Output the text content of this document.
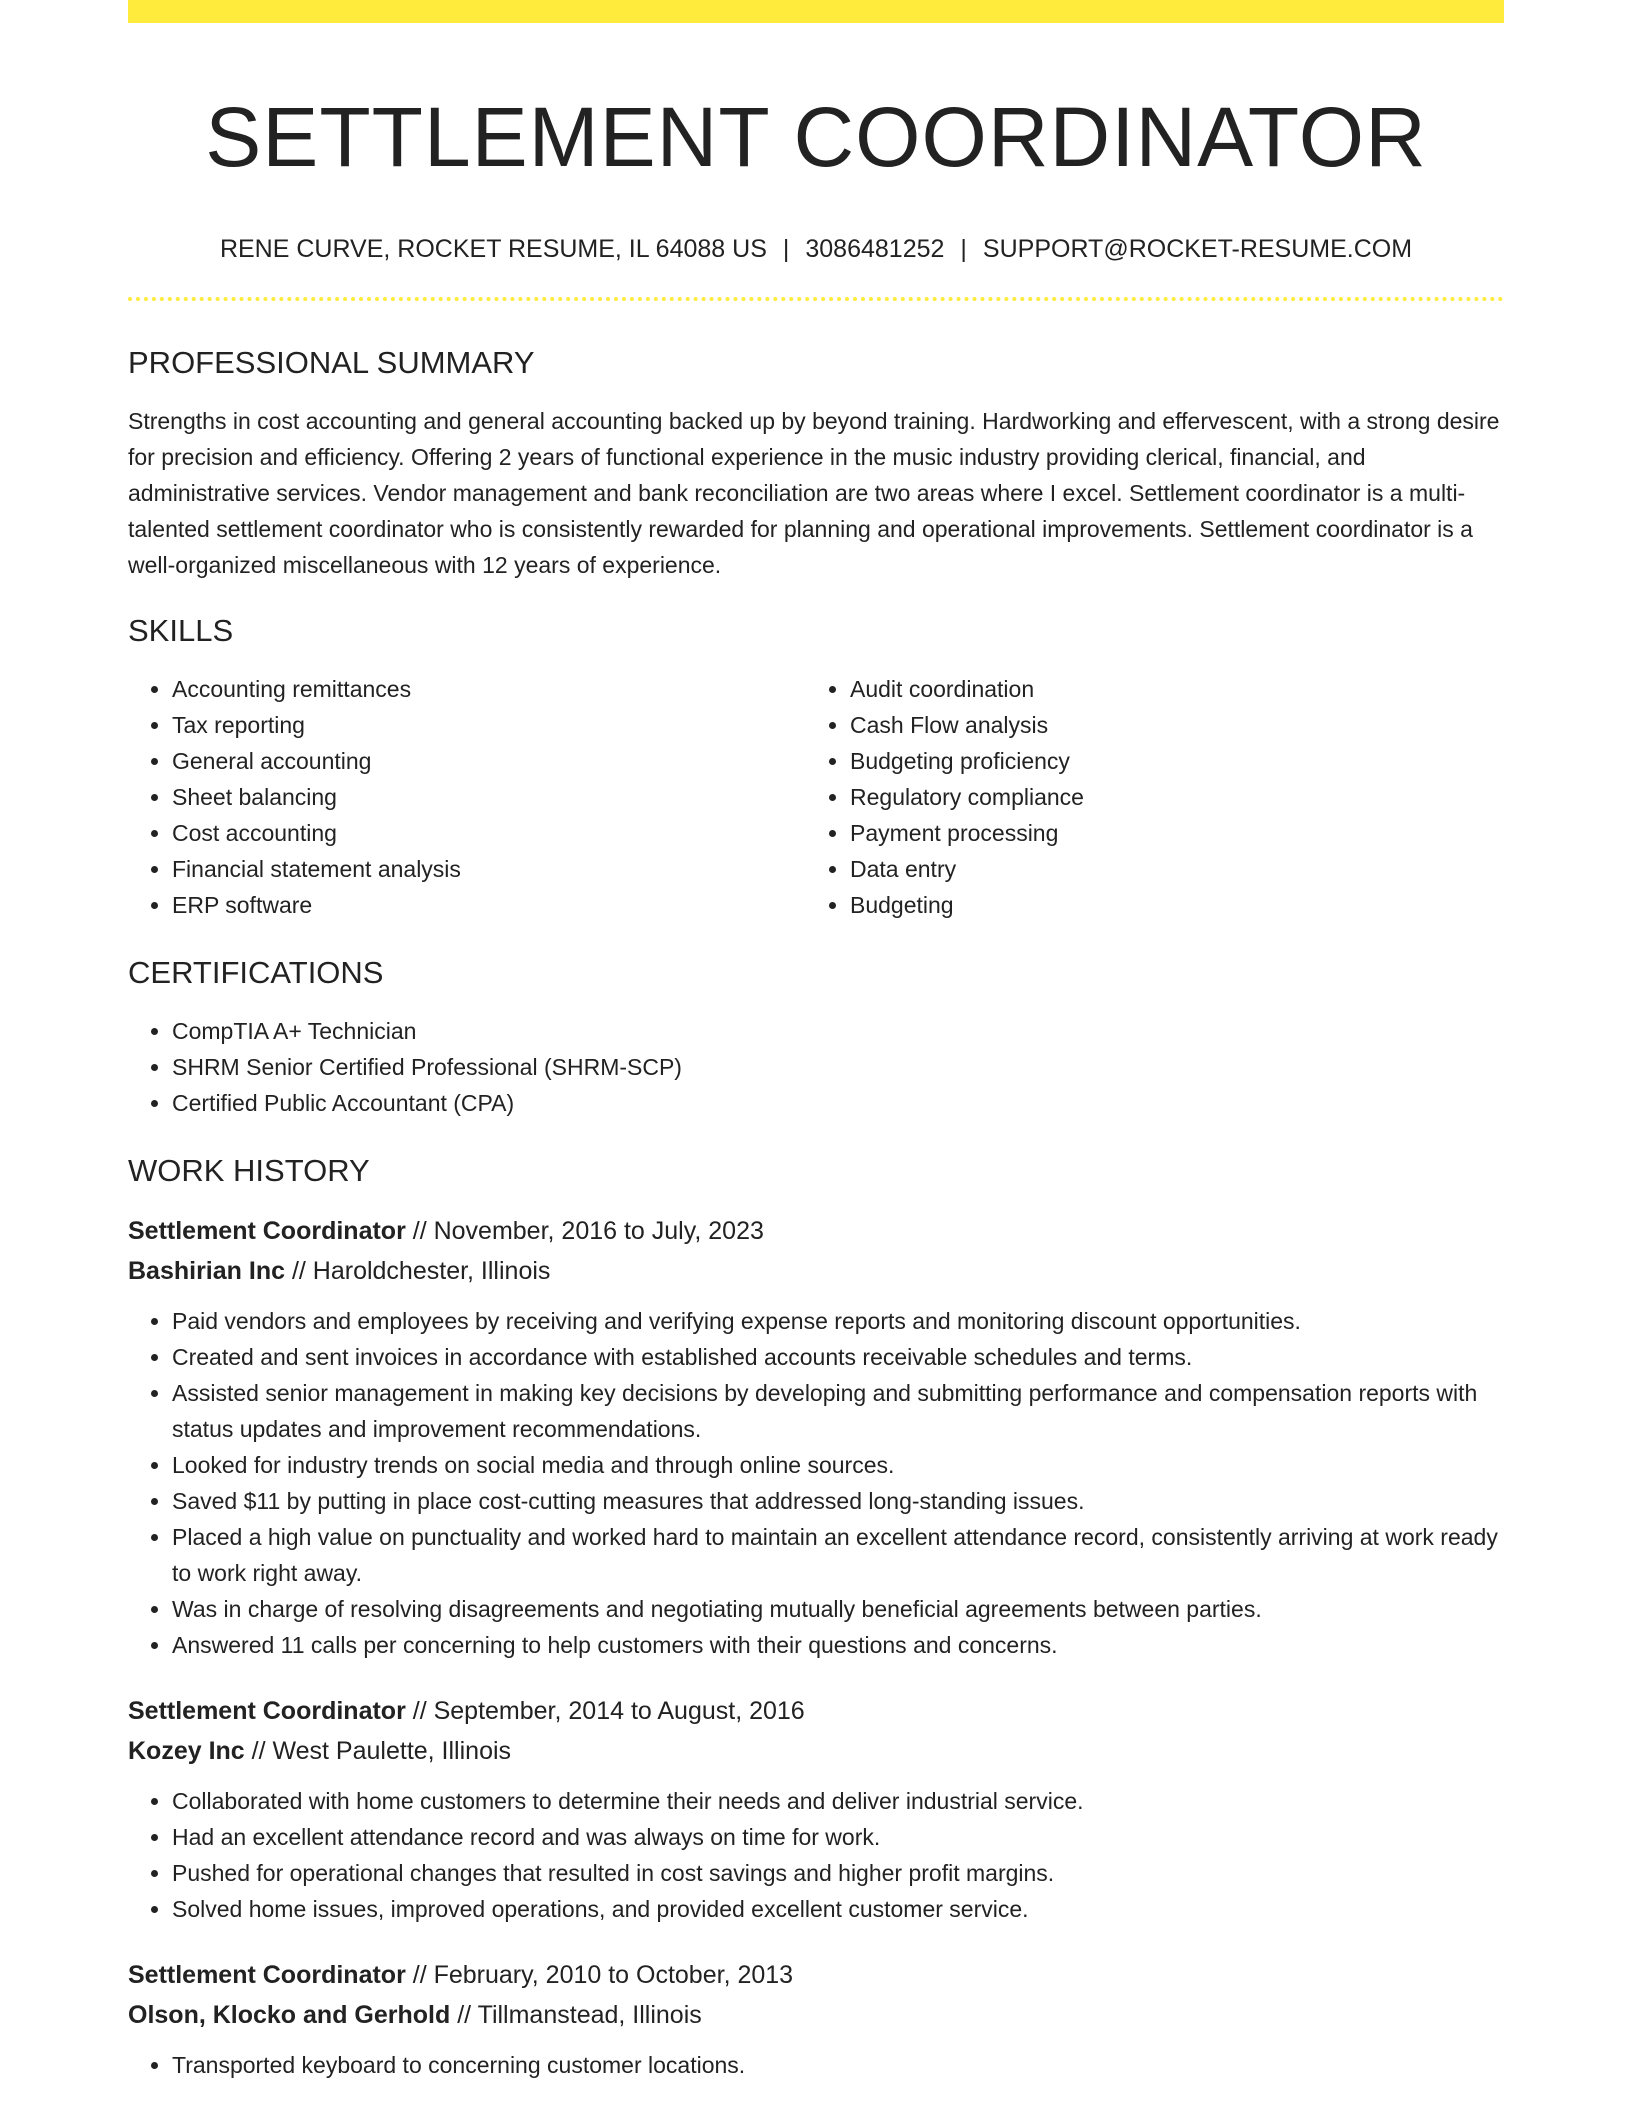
SETTLEMENT COORDINATOR
RENE CURVE, ROCKET RESUME, IL 64088 US | 3086481252 | SUPPORT@ROCKET-RESUME.COM
PROFESSIONAL SUMMARY
Strengths in cost accounting and general accounting backed up by beyond training. Hardworking and effervescent, with a strong desire for precision and efficiency. Offering 2 years of functional experience in the music industry providing clerical, financial, and administrative services. Vendor management and bank reconciliation are two areas where I excel. Settlement coordinator is a multi-talented settlement coordinator who is consistently rewarded for planning and operational improvements. Settlement coordinator is a well-organized miscellaneous with 12 years of experience.
SKILLS
• Accounting remittances
• Tax reporting
• General accounting
• Sheet balancing
• Cost accounting
• Financial statement analysis
• ERP software
• Audit coordination
• Cash Flow analysis
• Budgeting proficiency
• Regulatory compliance
• Payment processing
• Data entry
• Budgeting
CERTIFICATIONS
• CompTIA A+ Technician
• SHRM Senior Certified Professional (SHRM-SCP)
• Certified Public Accountant (CPA)
WORK HISTORY
Settlement Coordinator // November, 2016 to July, 2023
Bashirian Inc // Haroldchester, Illinois
• Paid vendors and employees by receiving and verifying expense reports and monitoring discount opportunities.
• Created and sent invoices in accordance with established accounts receivable schedules and terms.
• Assisted senior management in making key decisions by developing and submitting performance and compensation reports with status updates and improvement recommendations.
• Looked for industry trends on social media and through online sources.
• Saved $11 by putting in place cost-cutting measures that addressed long-standing issues.
• Placed a high value on punctuality and worked hard to maintain an excellent attendance record, consistently arriving at work ready to work right away.
• Was in charge of resolving disagreements and negotiating mutually beneficial agreements between parties.
• Answered 11 calls per concerning to help customers with their questions and concerns.
Settlement Coordinator // September, 2014 to August, 2016
Kozey Inc // West Paulette, Illinois
• Collaborated with home customers to determine their needs and deliver industrial service.
• Had an excellent attendance record and was always on time for work.
• Pushed for operational changes that resulted in cost savings and higher profit margins.
• Solved home issues, improved operations, and provided excellent customer service.
Settlement Coordinator // February, 2010 to October, 2013
Olson, Klocko and Gerhold // Tillmanstead, Illinois
• Transported keyboard to concerning customer locations.
